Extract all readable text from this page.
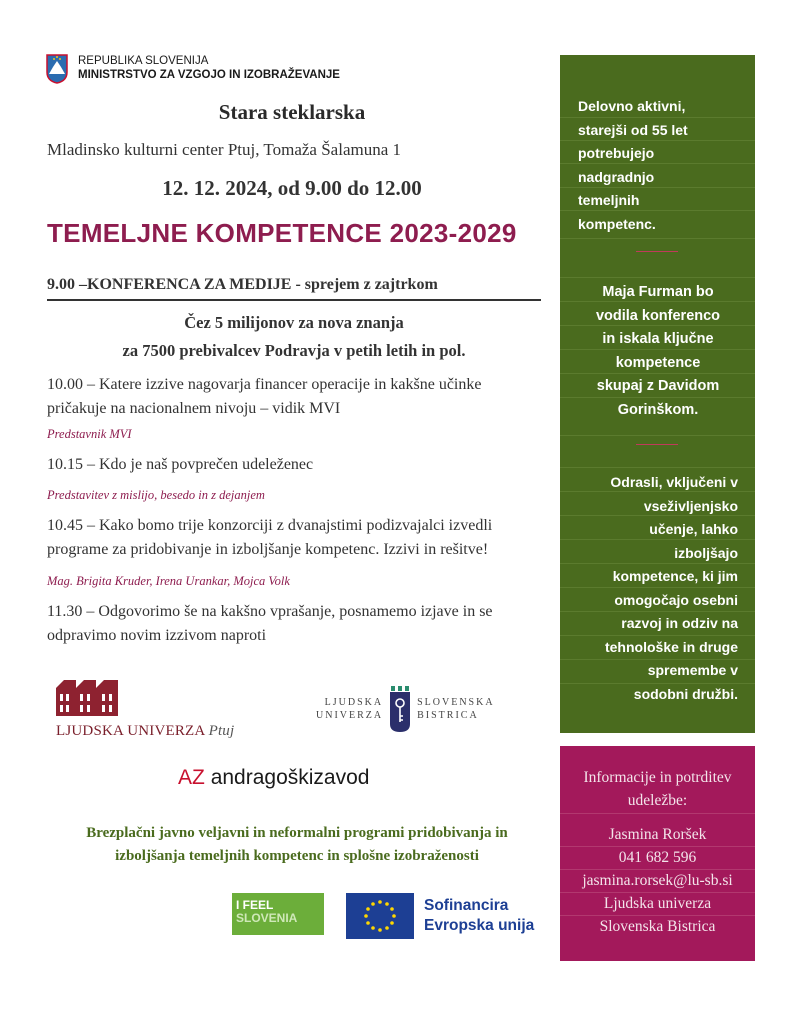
REPUBLIKA SLOVENIJA
MINISTRSTVO ZA VZGOJO IN IZOBRAŽEVANJE
Stara steklarska
Mladinsko kulturni center Ptuj, Tomaža Šalamuna 1
12. 12. 2024, od 9.00 do 12.00
TEMELJNE KOMPETENCE 2023-2029
9.00 –KONFERENCA ZA MEDIJE - sprejem z zajtrkom
Čez 5 milijonov za nova znanja
za 7500 prebivalcev Podravja v petih letih in pol.
10.00 – Katere izzive nagovarja financer operacije in kakšne učinke pričakuje na nacionalnem nivoju – vidik MVI
Predstavnik MVI
10.15 – Kdo je naš povprečen udeleženec
Predstavitev z mislijo, besedo in z dejanjem
10.45 – Kako bomo trije konzorciji z dvanajstimi podizvajalci izvedli programe za pridobivanje in izboljšanje kompetenc. Izzivi in rešitve!
Mag. Brigita Kruder, Irena Urankar, Mojca Volk
11.30 – Odgovorimo še na kakšno vprašanje, posnamemo izjave in se odpravimo novim izzivom naproti
LJUDSKA UNIVERZA Ptuj
LJUDSKA
UNIVERZA
SLOVENSKA
BISTRICA
AZ andragoškizavod
Brezplačni javno veljavni in neformalni programi pridobivanja in
izboljšanja temeljnih kompetenc in splošne izobraženosti
I FEEL
SLOVENIA
Sofinancira
Evropska unija
Delovno aktivni,
starejši od 55 let
potrebujejo
nadgradnjo
temeljnih
kompetenc.
Maja Furman bo
vodila konferenco
in iskala ključne
kompetence
skupaj z Davidom
Gorinškom.
Odrasli, vključeni v
vseživljenjsko
učenje, lahko
izboljšajo
kompetence, ki jim
omogočajo osebni
razvoj in odziv na
tehnološke in druge
spremembe v
sodobni družbi.
Informacije in potrditev
udeležbe:
Jasmina Roršek
041 682 596
jasmina.rorsek@lu-sb.si
Ljudska univerza
Slovenska Bistrica
